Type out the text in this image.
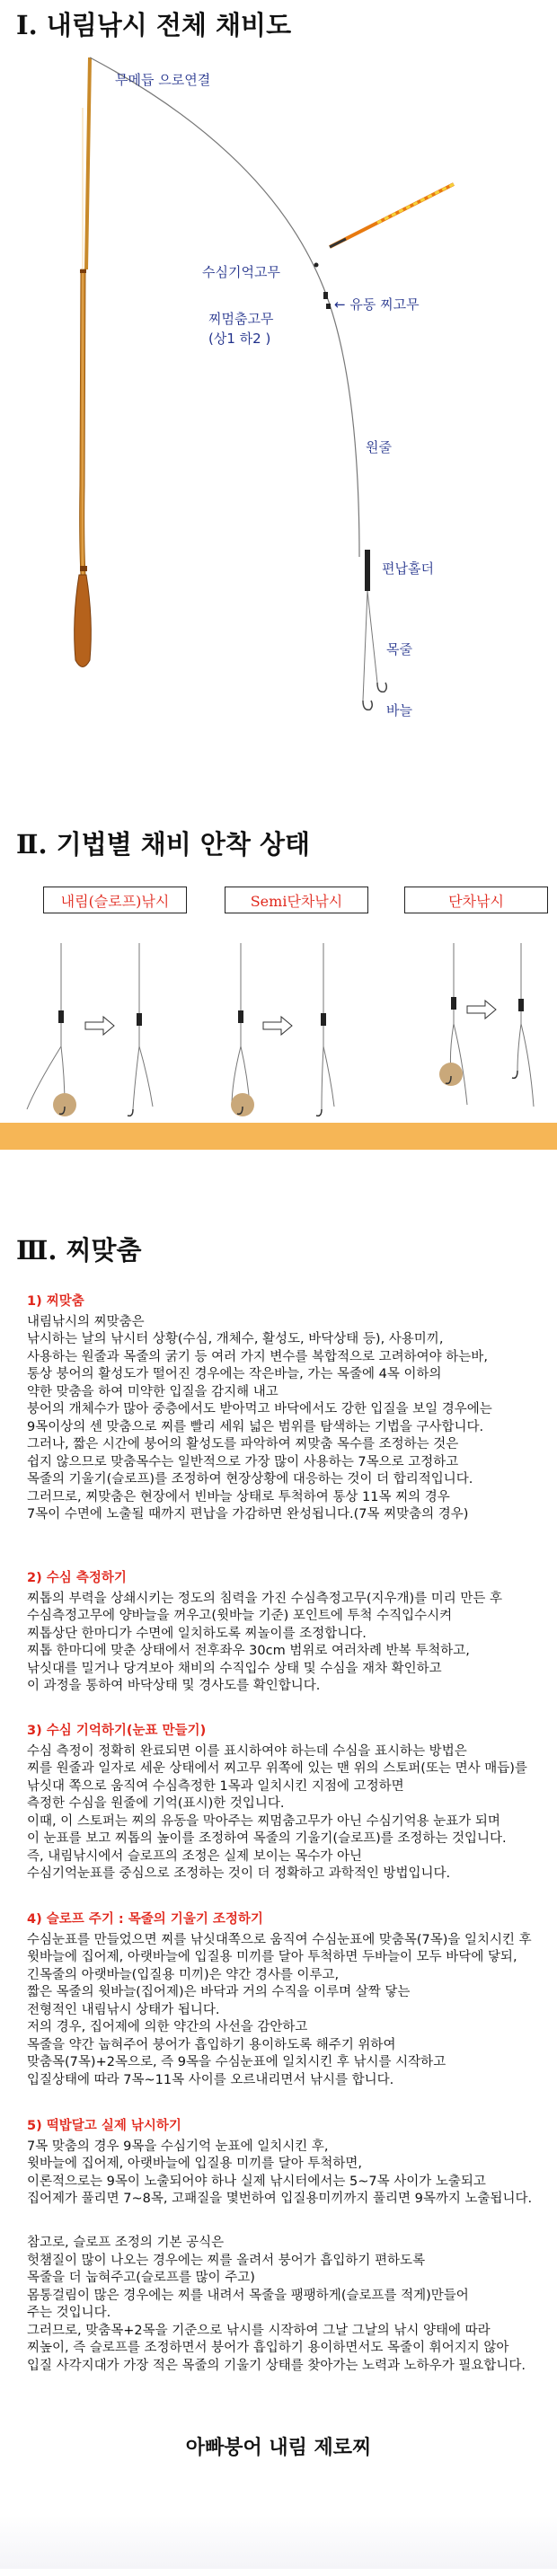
Ⅰ. 내림낚시 전체 채비도
무메듭 으로연결
수심기억고무
찌멈춤고무
(상1 하2 )
← 유동 찌고무
원줄
편납홀더
목줄
바늘
Ⅱ. 기법별 채비 안착 상태
내림(슬로프)낚시	Semi단차낚시	단차낚시
Ⅲ. 찌맞춤
1) 찌맞춤

내림낚시의 찌맞춤은

낚시하는 날의 낚시터 상황(수심, 개체수, 활성도, 바닥상태 등), 사용미끼,

사용하는 원줄과 목줄의 굵기 등 여러 가지 변수를 복합적으로 고려하여야 하는바,

통상 붕어의 활성도가 떨어진 경우에는 작은바늘, 가는 목줄에 4목 이하의

약한 맞춤을 하여 미약한 입질을 감지해 내고

붕어의 개체수가 많아 중층에서도 받아먹고 바닥에서도 강한 입질을 보일 경우에는

9목이상의 센 맞춤으로 찌를 빨리 세워 넓은 범위를 탐색하는 기법을 구사합니다.

그러나, 짧은 시간에 붕어의 활성도를 파악하여 찌맞춤 목수를 조정하는 것은

쉽지 않으므로 맞춤목수는 일반적으로 가장 많이 사용하는 7목으로 고정하고

목줄의 기울기(슬로프)를 조정하여 현장상황에 대응하는 것이 더 합리적입니다.

그러므로, 찌맞춤은 현장에서 빈바늘 상태로 투척하여 통상 11목 찌의 경우

7목이 수면에 노출될 때까지 편납을 가감하면 완성됩니다.(7목 찌맞춤의 경우)

2) 수심 측정하기

찌톱의 부력을 상쇄시키는 정도의 침력을 가진 수심측정고무(지우개)를 미리 만든 후

수심측정고무에 양바늘을 꺼우고(윗바늘 기준) 포인트에 투척 수직입수시켜

찌톱상단 한마디가 수면에 일치하도록 찌놀이를 조정합니다.

찌톱 한마디에 맞춘 상태에서 전후좌우 30cm 범위로 여러차례 반복 투척하고,

낚싯대를 밀거나 당겨보아 채비의 수직입수 상태 및 수심을 재차 확인하고

이 과정을 통하여 바닥상태 및 경사도를 확인합니다.

3) 수심 기억하기(눈표 만들기)

수심 측정이 정확히 완료되면 이를 표시하여야 하는데 수심을 표시하는 방법은

찌를 원줄과 일자로 세운 상태에서 찌고무 위쪽에 있는 맨 위의 스토퍼(또는 면사 매듭)를

낚싯대 쪽으로 움직여 수심측정한 1목과 일치시킨 지점에 고정하면

측정한 수심을 원줄에 기억(표시)한 것입니다.

이때, 이 스토퍼는 찌의 유동을 막아주는 찌멈춤고무가 아닌 수심기억용 눈표가 되며

이 눈표를 보고 찌톱의 높이를 조정하여 목줄의 기울기(슬로프)를 조정하는 것입니다.

즉, 내림낚시에서 슬로프의 조정은 실제 보이는 목수가 아닌

수심기억눈표를 중심으로 조정하는 것이 더 정확하고 과학적인 방법입니다.

4) 슬로프 주기 : 목줄의 기울기 조정하기

수심눈표를 만들었으면 찌를 낚싯대쪽으로 움직여 수심눈표에 맞춤목(7목)을 일치시킨 후

윗바늘에 집어제, 아랫바늘에 입질용 미끼를 달아 투척하면 두바늘이 모두 바닥에 닿되,

긴목줄의 아랫바늘(입질용 미끼)은 약간 경사를 이루고,

짧은 목줄의 윗바늘(집어제)은 바닥과 거의 수직을 이루며 살짝 닿는

전형적인 내림낚시 상태가 됩니다.

저의 경우, 집어제에 의한 약간의 사선을 감안하고

목줄을 약간 눕혀주어 붕어가 흡입하기 용이하도록 해주기 위하여

맞춤목(7목)+2목으로, 즉 9목을 수심눈표에 일치시킨 후 낚시를 시작하고

입질상태에 따라 7목~11목 사이를 오르내리면서 낚시를 합니다.

5) 떡밥달고 실제 낚시하기

7목 맞춤의 경우 9목을 수심기억 눈표에 일치시킨 후,

윗바늘에 집어제, 아랫바늘에 입질용 미끼를 달아 투척하면,

이론적으로는 9목이 노출되어야 하나 실제 낚시터에서는 5~7목 사이가 노출되고

집어제가 풀리면 7~8목, 고패질을 몇번하여 입질용미끼까지 풀리면 9목까지 노출됩니다.

참고로, 슬로프 조정의 기본 공식은

헛챔질이 많이 나오는 경우에는 찌를 올려서 붕어가 흡입하기 편하도록

목줄을 더 눕혀주고(슬로프를 많이 주고)

몸통걸림이 많은 경우에는 찌를 내려서 목줄을 팽팽하게(슬로프를 적게)만들어

주는 것입니다.

그러므로, 맞춤목+2목을 기준으로 낚시를 시작하여 그날 그날의 낚시 양태에 따라

찌높이, 즉 슬로프를 조정하면서 붕어가 흡입하기 용이하면서도 목줄이 휘어지지 않아

입질 사각지대가 가장 적은 목줄의 기울기 상태를 찾아가는 노력과 노하우가 필요합니다.

아빠붕어 내림 제로찌
